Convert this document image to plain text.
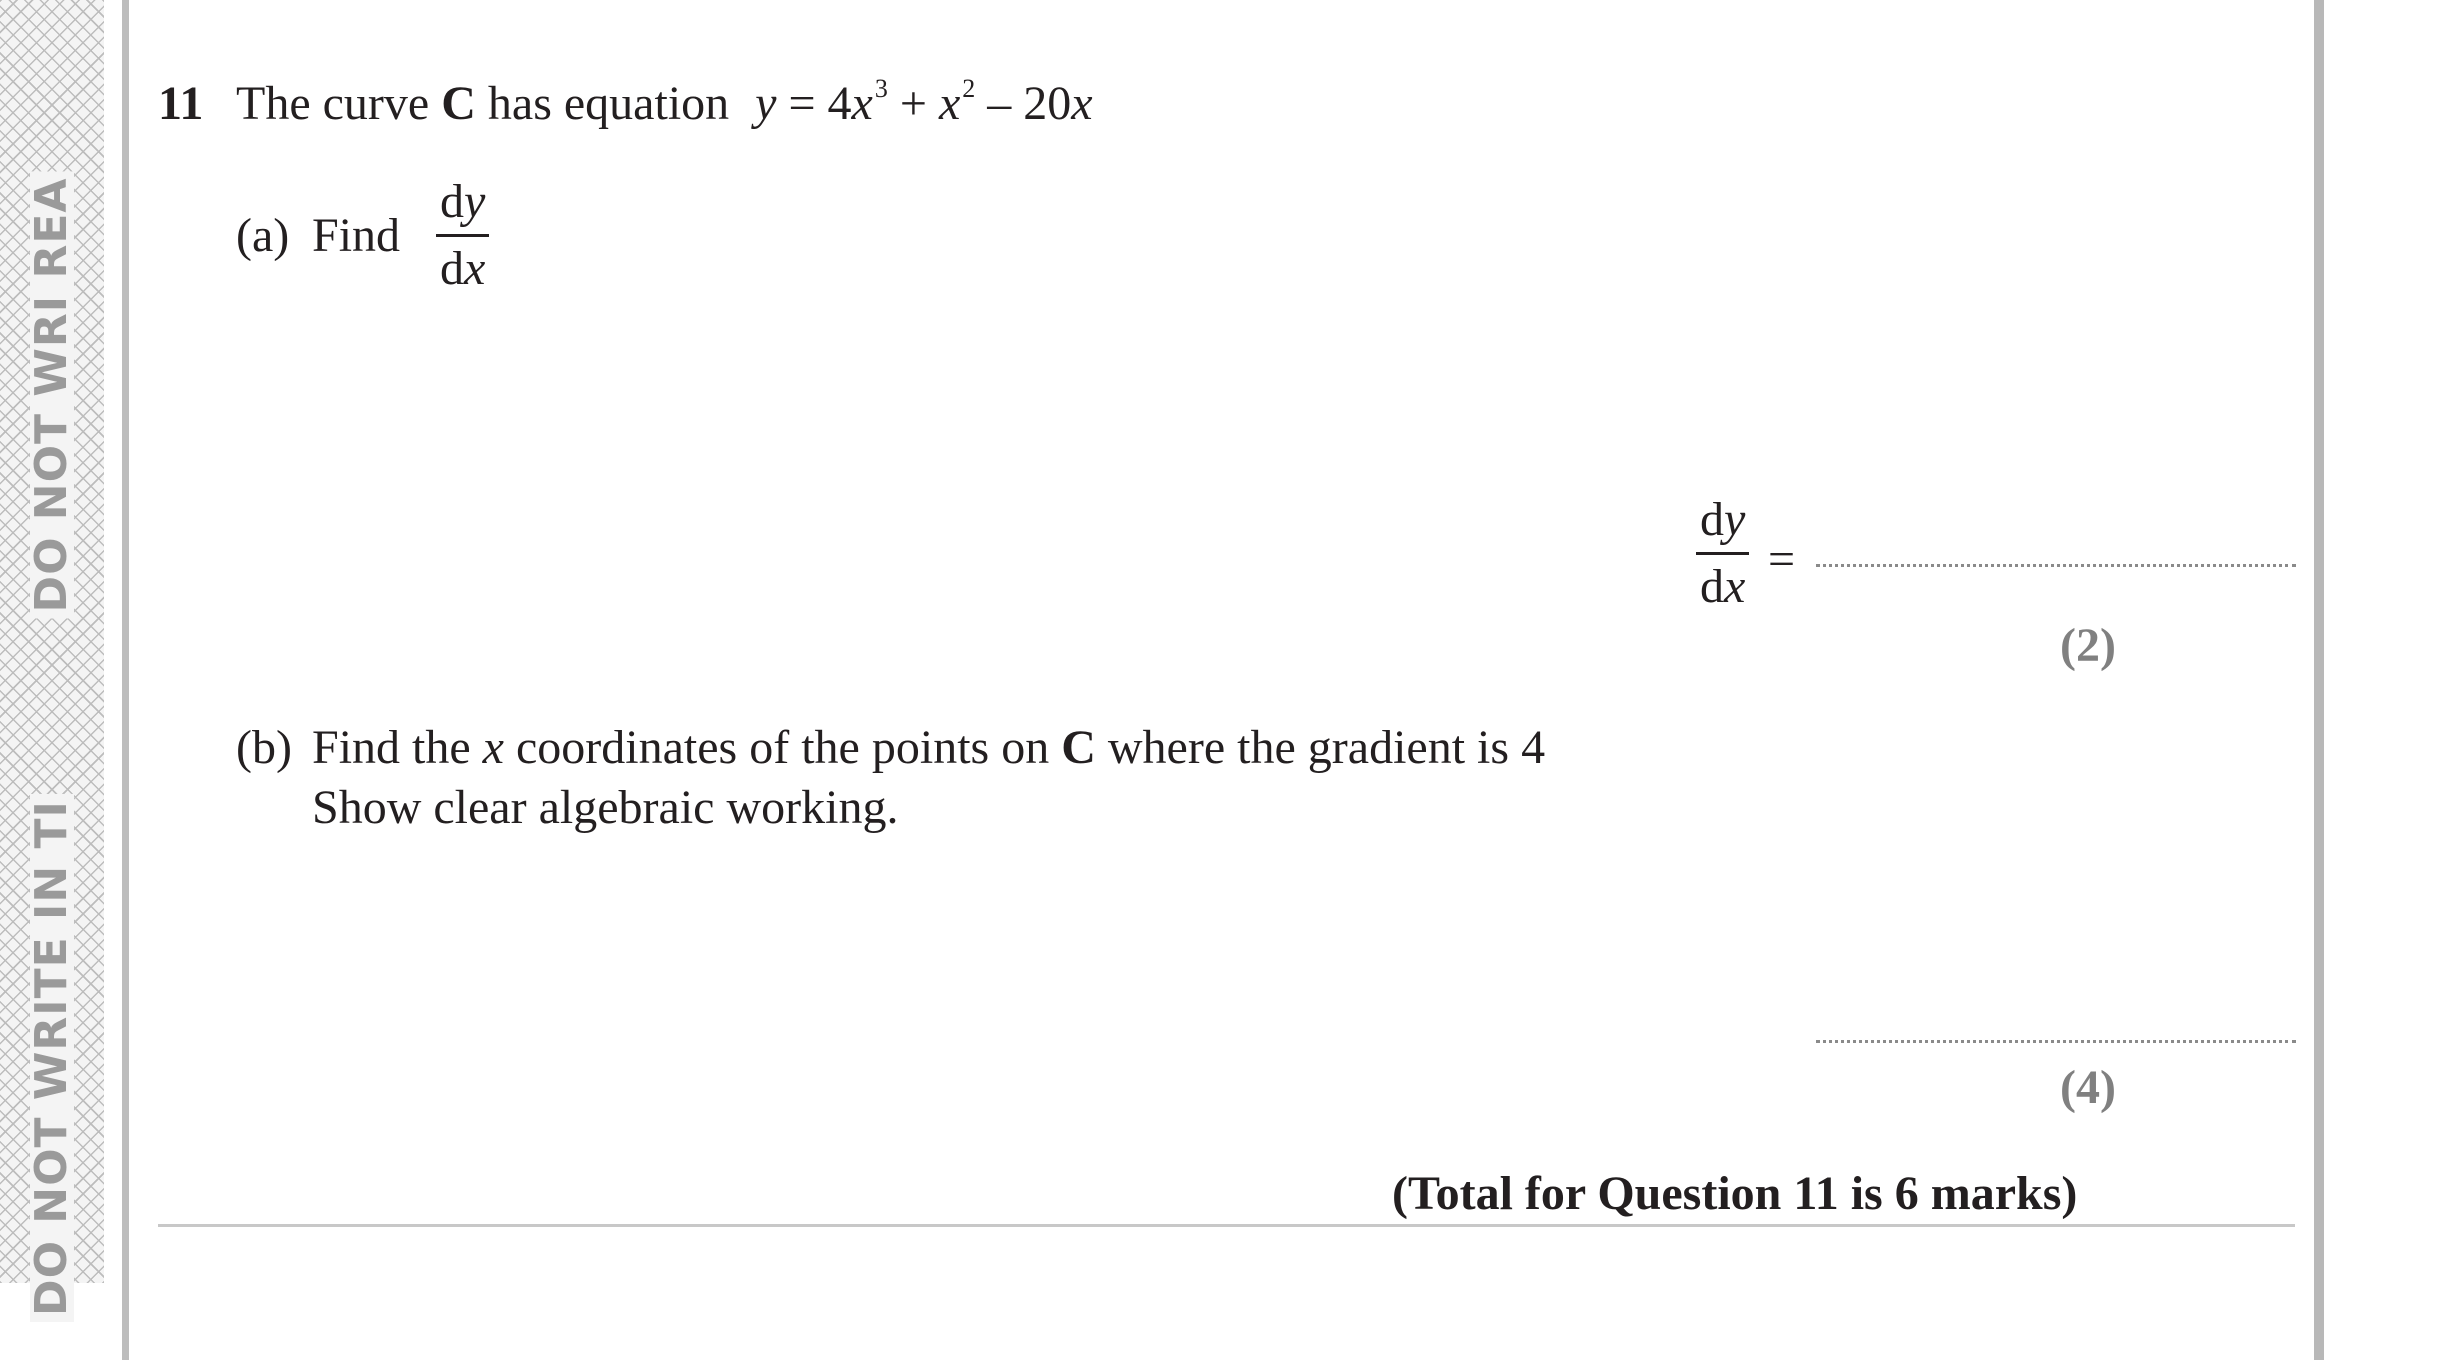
DO NOT WRI REA
DO NOT WRITE IN TI
11 The curve C has equation $y = 4x^3 + x^2 - 20x$
(a) Find $\frac{dy}{dx}$
$\frac{dy}{dx}$ =
(2)
(b) Find the x coordinates of the points on C where the gradient is 4
Show clear algebraic working.
(4)
(Total for Question 11 is 6 marks)
